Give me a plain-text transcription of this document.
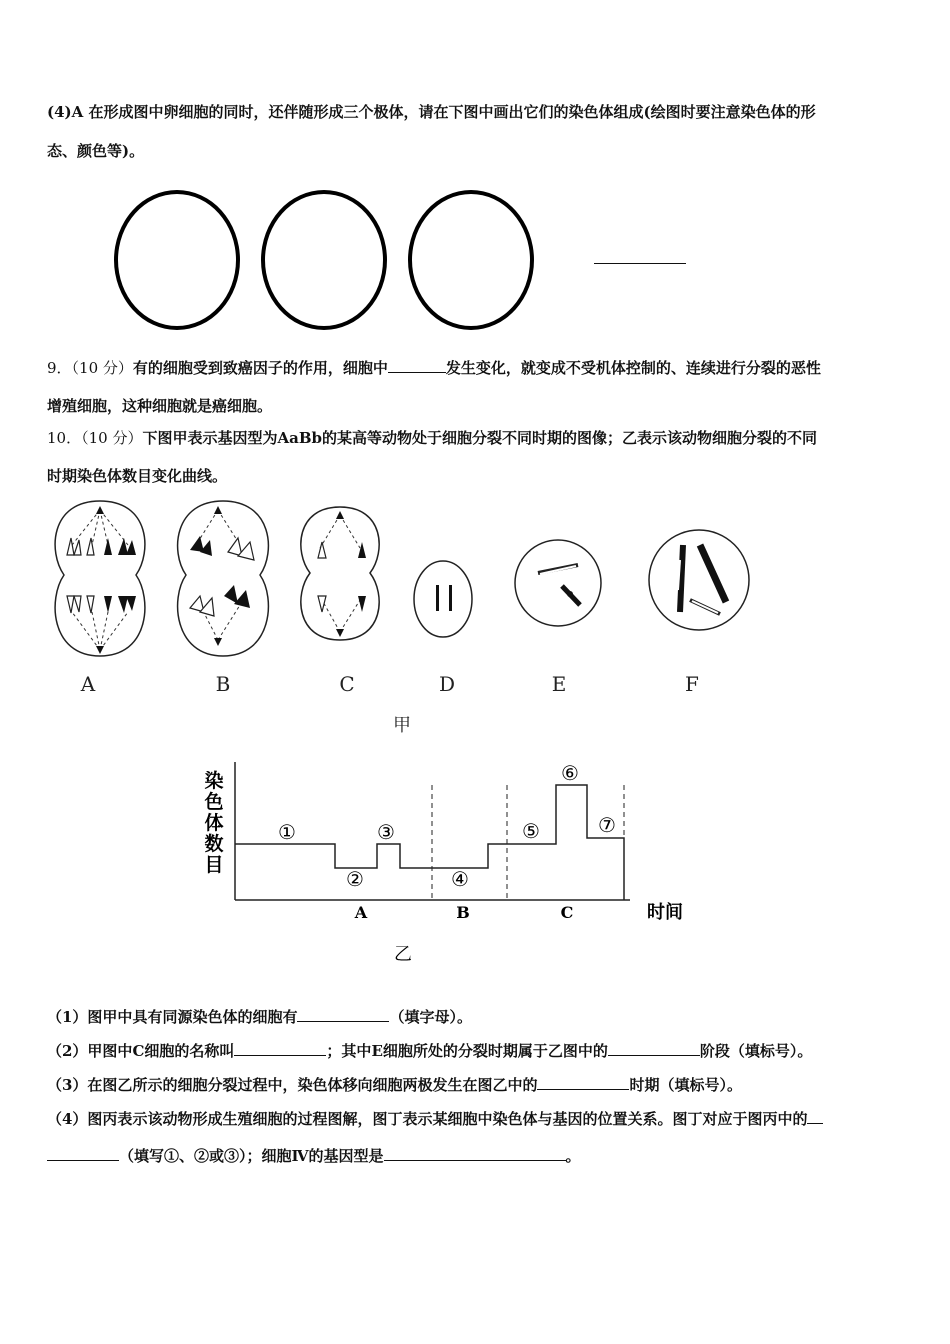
(4)A 在形成图中卵细胞的同时，还伴随形成三个极体，请在下图中画出它们的染色体组成(绘图时要注意染色体的形
态、颜色等)。
9．（10 分）有的细胞受到致癌因子的作用，细胞中	发生变化，就变成不受机体控制的、连续进行分裂的恶性
增殖细胞，这种细胞就是癌细胞。
10．（10 分）下图甲表示基因型为AaBb的某高等动物处于细胞分裂不同时期的图像；乙表示该动物细胞分裂的不同
时期染色体数目变化曲线。
A	B	C	D	E	F
甲
染
色
体
数
目
时间
A	B	C
①
②
③
④
⑤
⑥
⑦
乙
（1）图甲中具有同源染色体的细胞有	（填字母）。
（2）甲图中C细胞的名称叫	；其中E细胞所处的分裂时期属于乙图中的	阶段（填标号）。
（3）在图乙所示的细胞分裂过程中，染色体移向细胞两极发生在图乙中的	时期（填标号）。
（4）图丙表示该动物形成生殖细胞的过程图解，图丁表示某细胞中染色体与基因的位置关系。图丁对应于图丙中的
（填写①、②或③）；细胞Ⅳ的基因型是	。
